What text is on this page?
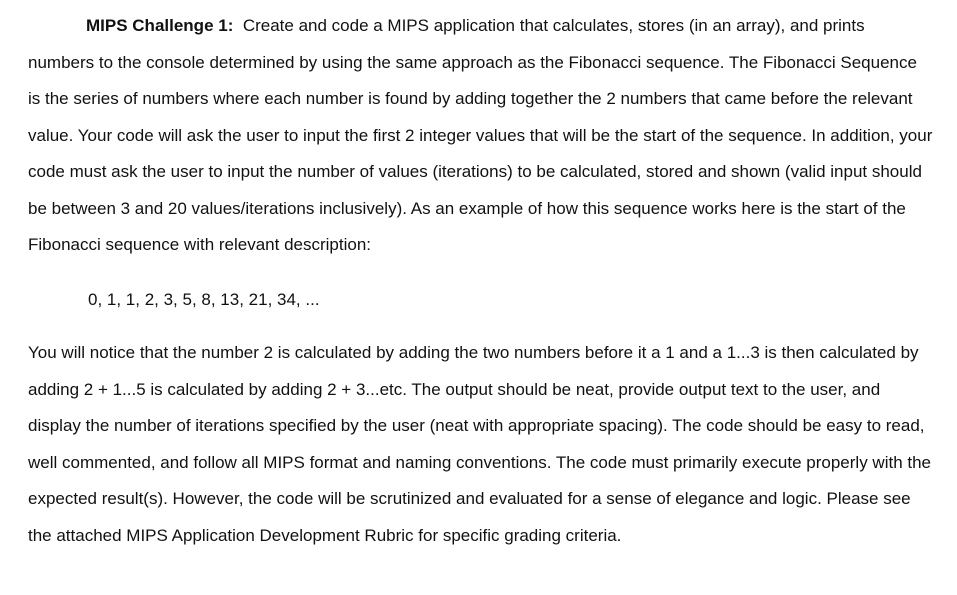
MIPS Challenge 1: Create and code a MIPS application that calculates, stores (in an array), and prints numbers to the console determined by using the same approach as the Fibonacci sequence. The Fibonacci Sequence is the series of numbers where each number is found by adding together the 2 numbers that came before the relevant value. Your code will ask the user to input the first 2 integer values that will be the start of the sequence. In addition, your code must ask the user to input the number of values (iterations) to be calculated, stored and shown (valid input should be between 3 and 20 values/iterations inclusively). As an example of how this sequence works here is the start of the Fibonacci sequence with relevant description:

0, 1, 1, 2, 3, 5, 8, 13, 21, 34, ...

You will notice that the number 2 is calculated by adding the two numbers before it a 1 and a 1...3 is then calculated by adding 2 + 1...5 is calculated by adding 2 + 3...etc. The output should be neat, provide output text to the user, and display the number of iterations specified by the user (neat with appropriate spacing). The code should be easy to read, well commented, and follow all MIPS format and naming conventions. The code must primarily execute properly with the expected result(s). However, the code will be scrutinized and evaluated for a sense of elegance and logic. Please see the attached MIPS Application Development Rubric for specific grading criteria.
